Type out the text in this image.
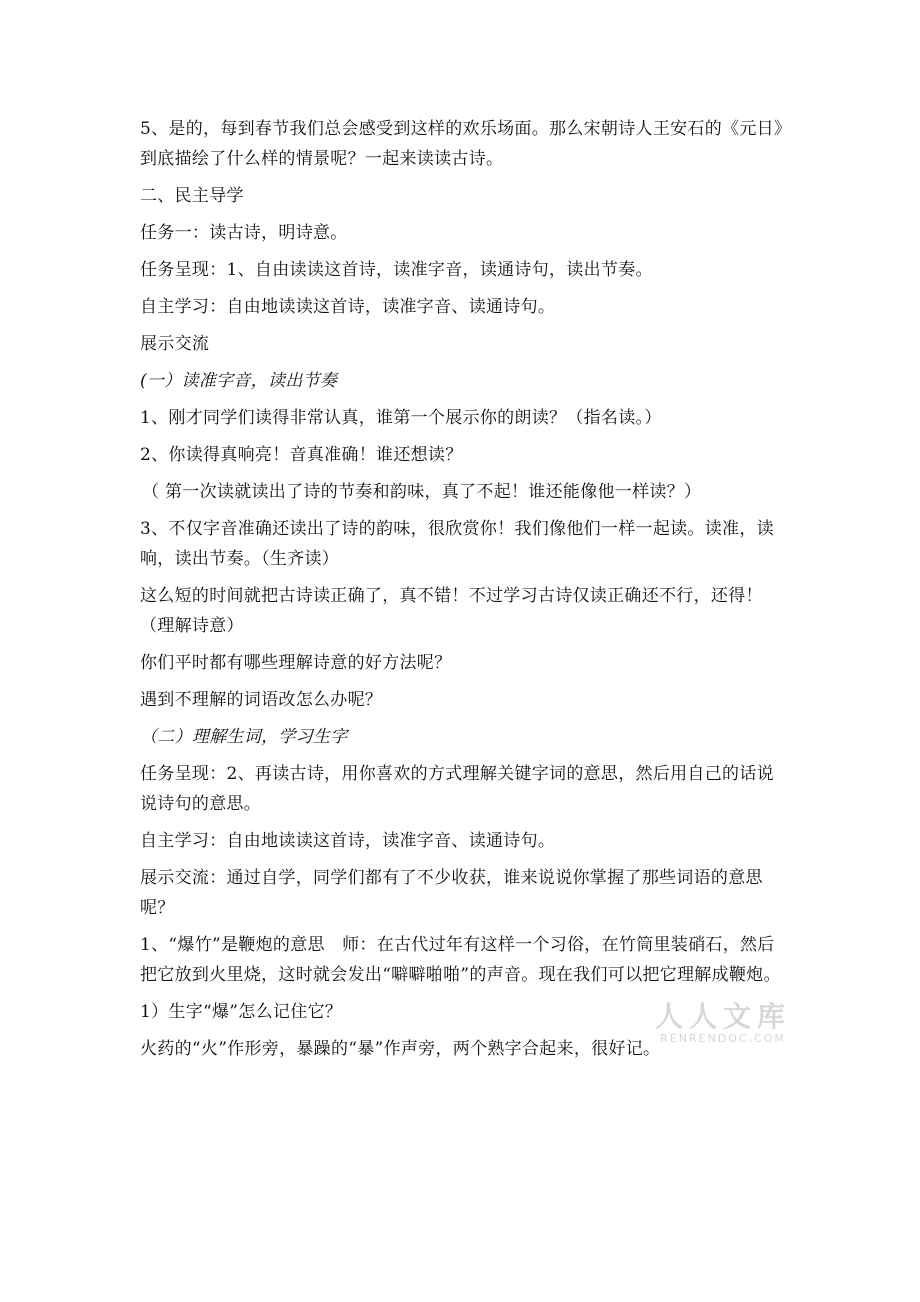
5、是的，每到春节我们总会感受到这样的欢乐场面。那么宋朝诗人王安石的《元日》到底描绘了什么样的情景呢？一起来读读古诗。

二、民主导学

任务一：读古诗，明诗意。

任务呈现：1、自由读读这首诗，读准字音，读通诗句，读出节奏。

自主学习：自由地读读这首诗，读准字音、读通诗句。

展示交流

(一）读准字音，读出节奏

1、刚才同学们读得非常认真，谁第一个展示你的朗读？（指名读。）

2、你读得真响亮！音真准确！谁还想读？

（ 第一次读就读出了诗的节奏和韵味，真了不起！谁还能像他一样读？）

3、不仅字音准确还读出了诗的韵味，很欣赏你！我们像他们一样一起读。读准，读响，读出节奏。（生齐读）

这么短的时间就把古诗读正确了，真不错！不过学习古诗仅读正确还不行，还得！（理解诗意）

你们平时都有哪些理解诗意的好方法呢？

遇到不理解的词语改怎么办呢？

（二）理解生词，学习生字

任务呈现：2、再读古诗，用你喜欢的方式理解关键字词的意思，然后用自己的话说说诗句的意思。

自主学习：自由地读读这首诗，读准字音、读通诗句。

展示交流：通过自学，同学们都有了不少收获，谁来说说你掌握了那些词语的意思呢？

1、“爆竹”是鞭炮的意思　师：在古代过年有这样一个习俗，在竹筒里装硝石，然后把它放到火里烧，这时就会发出“噼噼啪啪”的声音。现在我们可以把它理解成鞭炮。

1）生字“爆”怎么记住它？

火药的“火”作形旁，暴躁的“暴”作声旁，两个熟字合起来，很好记。

人人文库
RENRENDOC.COM
